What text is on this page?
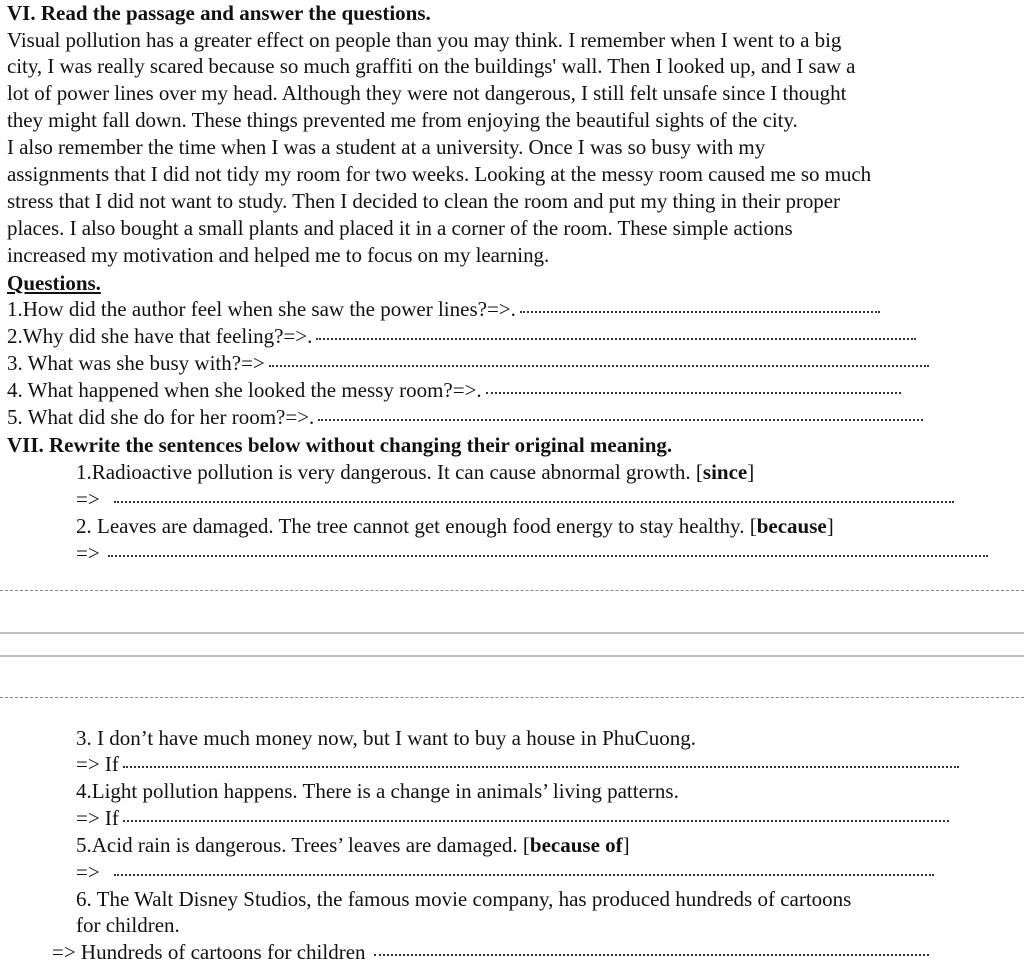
VI. Read the passage and answer the questions.
Visual pollution has a greater effect on people than you may think. I remember when I went to a big
city, I was really scared because so much graffiti on the buildings' wall. Then I looked up, and I saw a
lot of power lines over my head. Although they were not dangerous, I still felt unsafe since I thought
they might fall down. These things prevented me from enjoying the beautiful sights of the city.
I also remember the time when I was a student at a university. Once I was so busy with my
assignments that I did not tidy my room for two weeks. Looking at the messy room caused me so much
stress that I did not want to study. Then I decided to clean the room and put my thing in their proper
places. I also bought a small plants and placed it in a corner of the room. These simple actions
increased my motivation and helped me to focus on my learning.
Questions.
1.How did the author feel when she saw the power lines?=>.
2.Why did she have that feeling?=>.
3. What was she busy with?=>
4. What happened when she looked the messy room?=>.
5. What did she do for her room?=>.
VII. Rewrite the sentences below without changing their original meaning.
1.Radioactive pollution is very dangerous. It can cause abnormal growth. [since]
=>
2. Leaves are damaged. The tree cannot get enough food energy to stay healthy. [because]
=>
3. I don’t have much money now, but I want to buy a house in PhuCuong.
=> If
4.Light pollution happens. There is a change in animals’ living patterns.
=> If
5.Acid rain is dangerous. Trees’ leaves are damaged. [because of]
=>
6. The Walt Disney Studios, the famous movie company, has produced hundreds of cartoons
for children.
=> Hundreds of cartoons for children
